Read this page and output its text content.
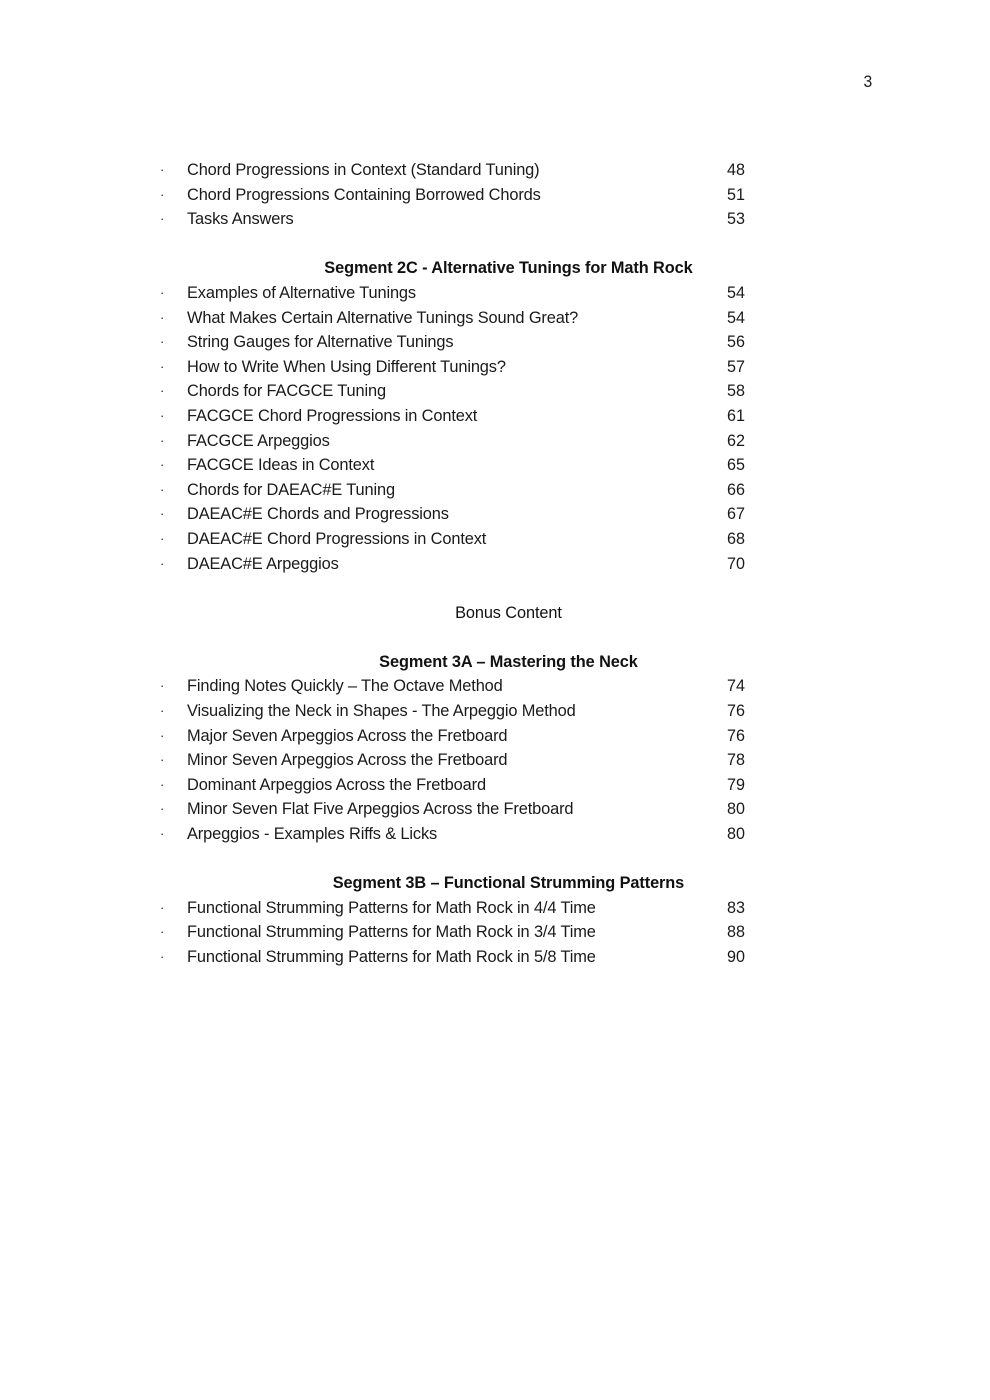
3
· Chord Progressions in Context (Standard Tuning)	48
· Chord Progressions Containing Borrowed Chords	51
· Tasks Answers	53
Segment 2C - Alternative Tunings for Math Rock
· Examples of Alternative Tunings	54
· What Makes Certain Alternative Tunings Sound Great?	54
· String Gauges for Alternative Tunings	56
· How to Write When Using Different Tunings?	57
· Chords for FACGCE Tuning	58
· FACGCE Chord Progressions in Context	61
· FACGCE Arpeggios	62
· FACGCE Ideas in Context	65
· Chords for DAEAC#E Tuning	66
· DAEAC#E Chords and Progressions	67
· DAEAC#E Chord Progressions in Context	68
· DAEAC#E Arpeggios	70
Bonus Content
Segment 3A – Mastering the Neck
· Finding Notes Quickly – The Octave Method	74
· Visualizing the Neck in Shapes - The Arpeggio Method	76
· Major Seven Arpeggios Across the Fretboard	76
· Minor Seven Arpeggios Across the Fretboard	78
· Dominant Arpeggios Across the Fretboard	79
· Minor Seven Flat Five Arpeggios Across the Fretboard	80
· Arpeggios - Examples Riffs & Licks	80
Segment 3B – Functional Strumming Patterns
· Functional Strumming Patterns for Math Rock in 4/4 Time	83
· Functional Strumming Patterns for Math Rock in 3/4 Time	88
· Functional Strumming Patterns for Math Rock in 5/8 Time	90
